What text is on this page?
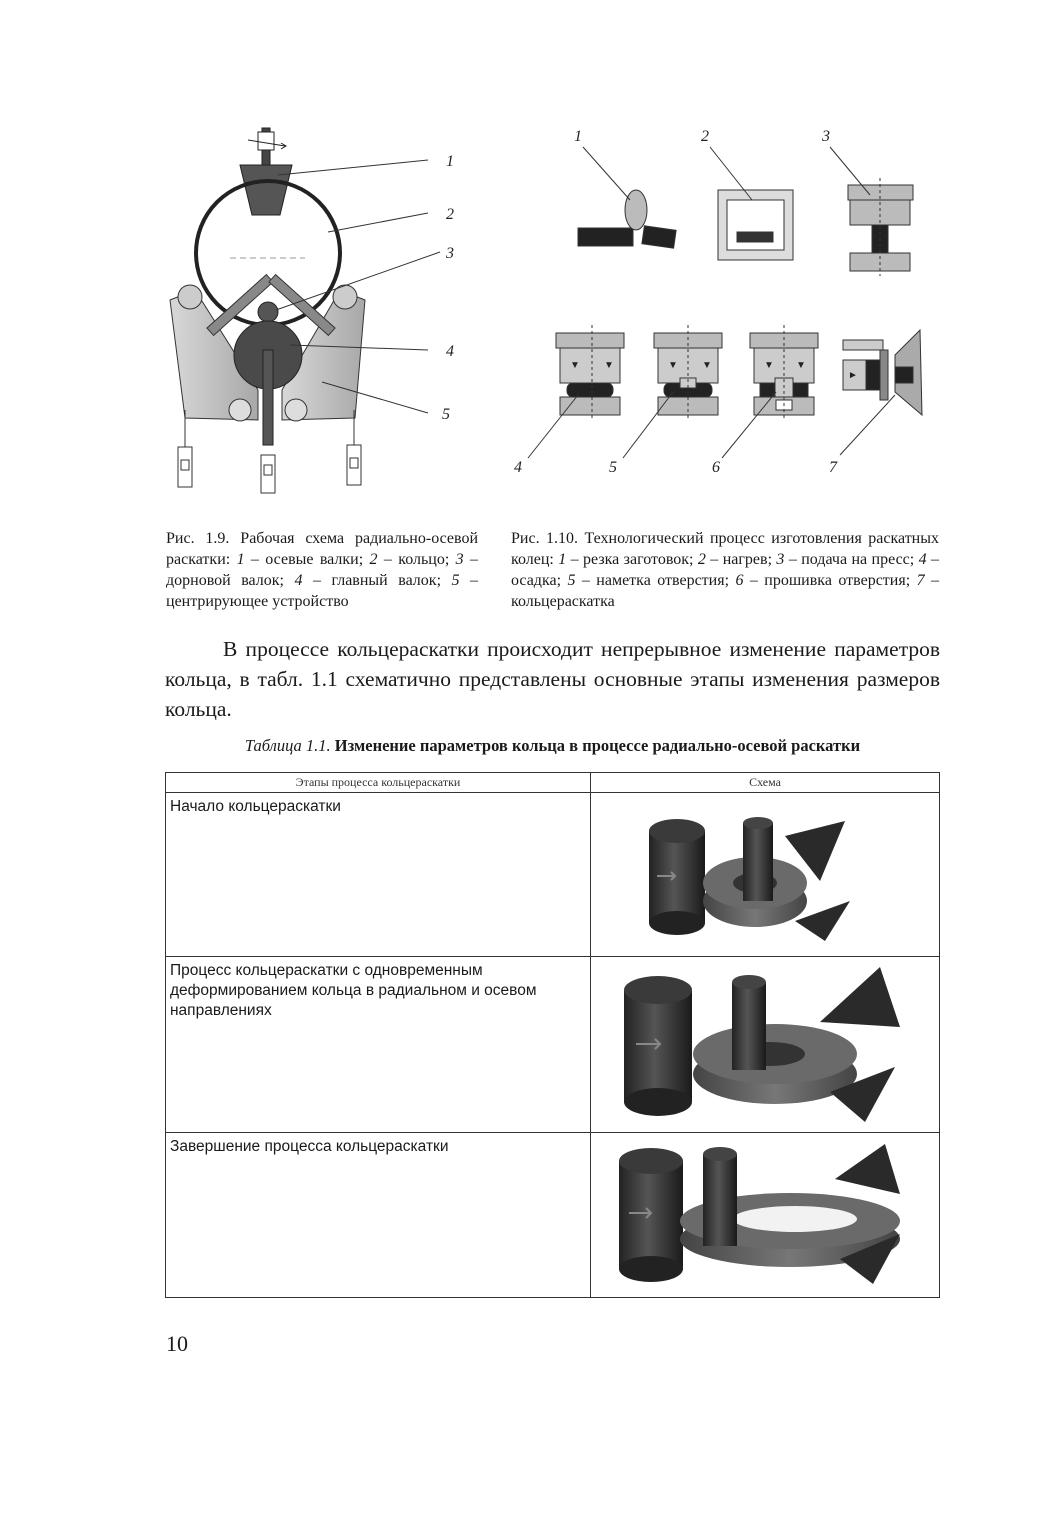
1
2
3
4
5
▼ ▼	▼ ▼	▼ ▼
►
1	2	3
4	5	6	7
Рис. 1.9. Рабочая схема радиально-осевой раскатки: 1 – осевые валки; 2 – кольцо; 3 – дорновой валок; 4 – главный валок; 5 – центрирующее устройство
Рис. 1.10. Технологический процесс изготовления раскатных колец: 1 – резка заготовок; 2 – нагрев; 3 – подача на пресс; 4 – осадка; 5 – наметка отверстия; 6 – прошивка отверстия; 7 – кольцераскатка

В процессе кольцераскатки происходит непрерывное изменение параметров кольца, в табл. 1.1 схематично представлены основные этапы изменения размеров кольца.

Таблица 1.1. Изменение параметров кольца в процессе радиально-осевой раскатки
Этапы процесса кольцераскатки	Схема
Начало кольцераскатки	
Процесс кольцераскатки с одновременным деформированием кольца в радиальном и осевом направлениях	
Завершение процесса кольцераскатки	
10
